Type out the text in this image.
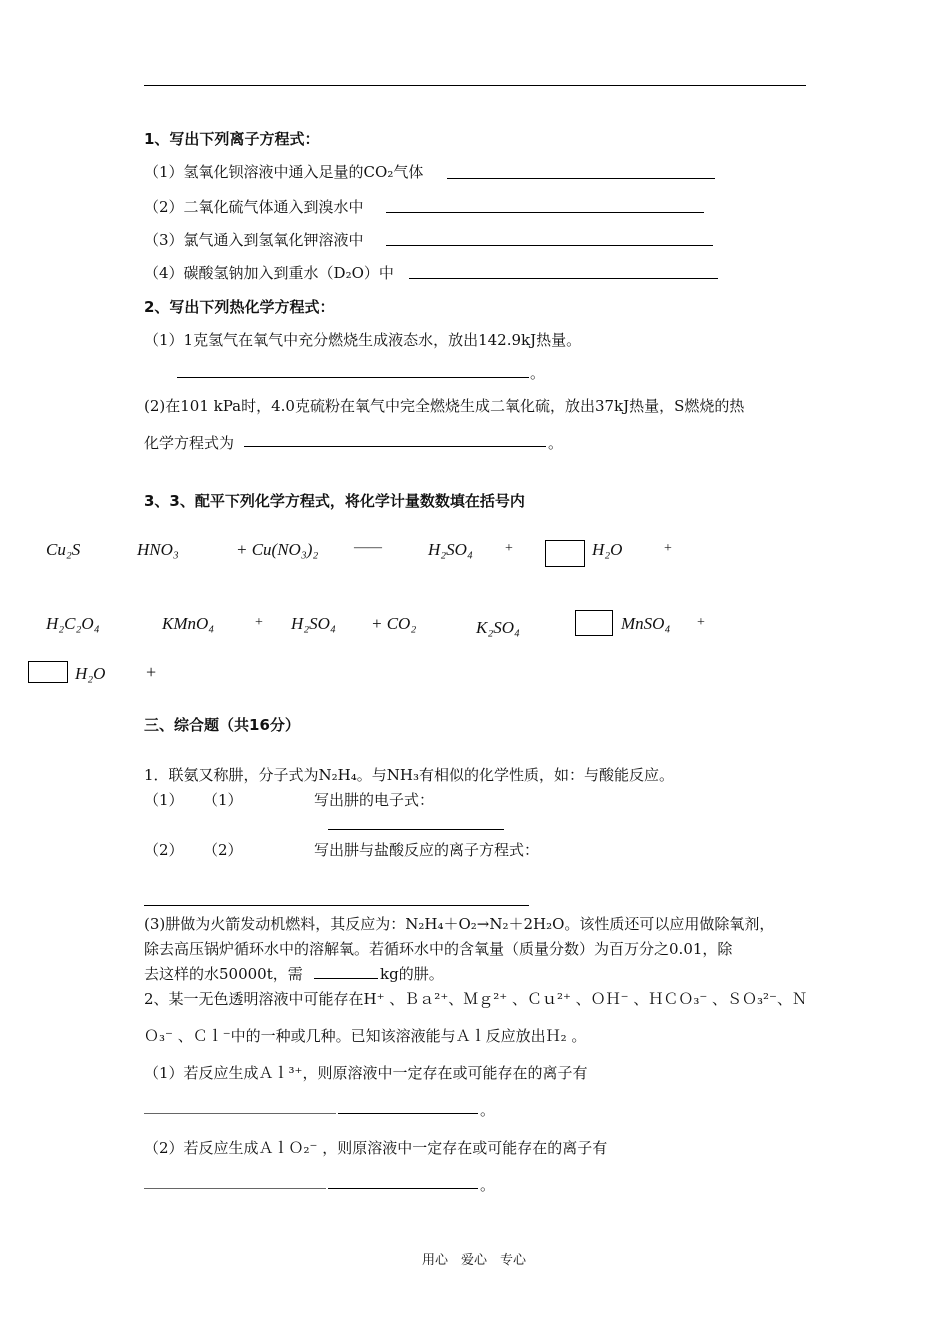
1、写出下列离子方程式：
（1）氢氧化钡溶液中通入足量的CO₂气体
（2）二氧化硫气体通入到溴水中
（3）氯气通入到氢氧化钾溶液中
（4）碳酸氢钠加入到重水（D₂O）中
2、写出下列热化学方程式：
（1）1克氢气在氧气中充分燃烧生成液态水，放出142.9kJ热量。
。
(2)在101 kPa时，4.0克硫粉在氧气中完全燃烧生成二氧化硫，放出37kJ热量，S燃烧的热
化学方程式为	。
3、3、配平下列化学方程式，将化学计量数数填在括号内
Cu₂S	HNO₃	+ Cu(NO₃)₂	——	H₂SO₄ +	H₂O	+
H₂C₂O₄	KMnO₄	+ H₂SO₄ + CO₂	K₂SO₄	MnSO₄ +
H₂O +
三、综合题（共16分）
1．联氨又称肼，分子式为N₂H₄。与NH₃有相似的化学性质，如：与酸能反应。
（1） （1）	写出肼的电子式：
（2） （2）	写出肼与盐酸反应的离子方程式：
(3)肼做为火箭发动机燃料，其反应为：N₂H₄＋O₂→N₂＋2H₂O。该性质还可以应用做除氧剂，
除去高压锅炉循环水中的溶解氧。若循环水中的含氧量（质量分数）为百万分之0.01，除
去这样的水50000t，需	kg的肼。
2、某一无色透明溶液中可能存在H⁺ 、Ｂａ²⁺、Ｍｇ²⁺ 、Ｃｕ²⁺ 、ＯＨ⁻ 、ＨＣＯ₃⁻ 、ＳＯ₃²⁻、Ｎ
Ｏ₃⁻ 、Ｃｌ⁻中的一种或几种。已知该溶液能与Ａｌ反应放出Ｈ₂ 。
（1）若反应生成Ａｌ³⁺，则原溶液中一定存在或可能存在的离子有
。
（2）若反应生成ＡｌＯ₂⁻ ，则原溶液中一定存在或可能存在的离子有
。
用心　爱心　专心
